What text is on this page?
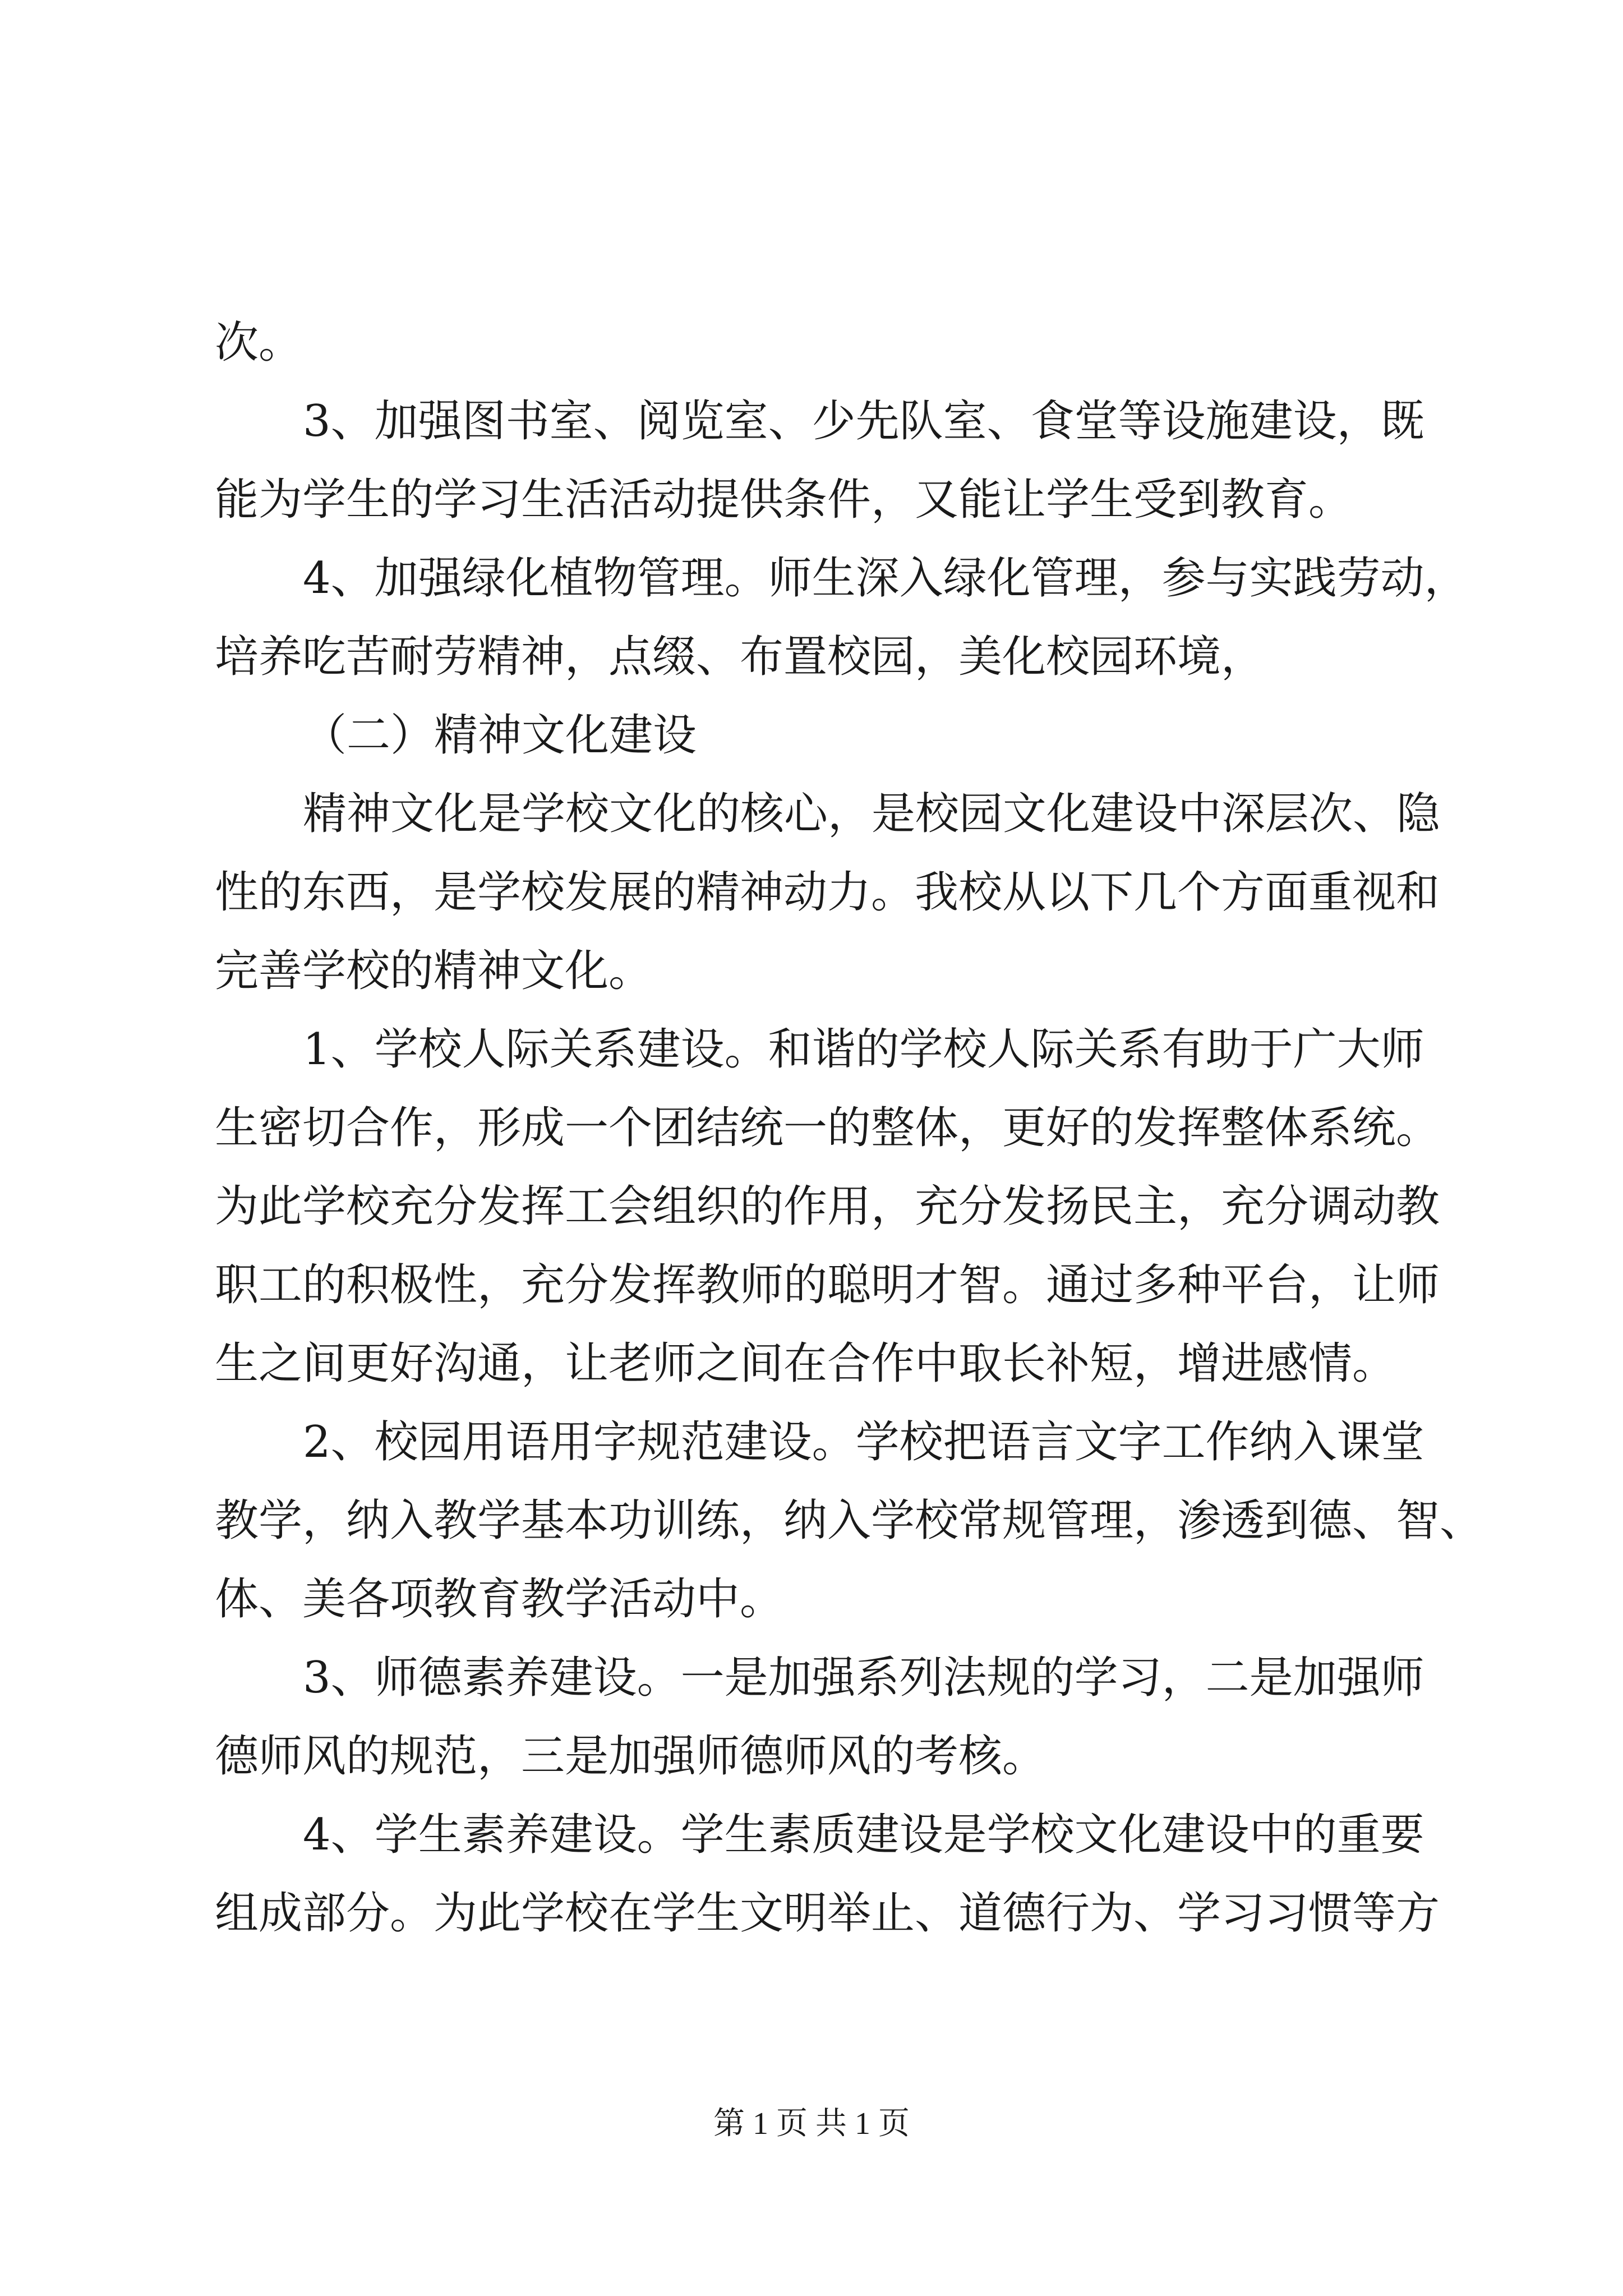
次。

3、加强图书室、阅览室、少先队室、食堂等设施建设，既

能为学生的学习生活活动提供条件，又能让学生受到教育。

4、加强绿化植物管理。师生深入绿化管理，参与实践劳动，

培养吃苦耐劳精神，点缀、布置校园，美化校园环境，

（二）精神文化建设

精神文化是学校文化的核心，是校园文化建设中深层次、隐

性的东西，是学校发展的精神动力。我校从以下几个方面重视和

完善学校的精神文化。

1、学校人际关系建设。和谐的学校人际关系有助于广大师

生密切合作，形成一个团结统一的整体，更好的发挥整体系统。

为此学校充分发挥工会组织的作用，充分发扬民主，充分调动教

职工的积极性，充分发挥教师的聪明才智。通过多种平台，让师

生之间更好沟通，让老师之间在合作中取长补短，增进感情。

2、校园用语用字规范建设。学校把语言文字工作纳入课堂

教学，纳入教学基本功训练，纳入学校常规管理，渗透到德、智、

体、美各项教育教学活动中。

3、师德素养建设。一是加强系列法规的学习，二是加强师

德师风的规范，三是加强师德师风的考核。

4、学生素养建设。学生素质建设是学校文化建设中的重要

组成部分。为此学校在学生文明举止、道德行为、学习习惯等方

第 1 页 共 1 页
